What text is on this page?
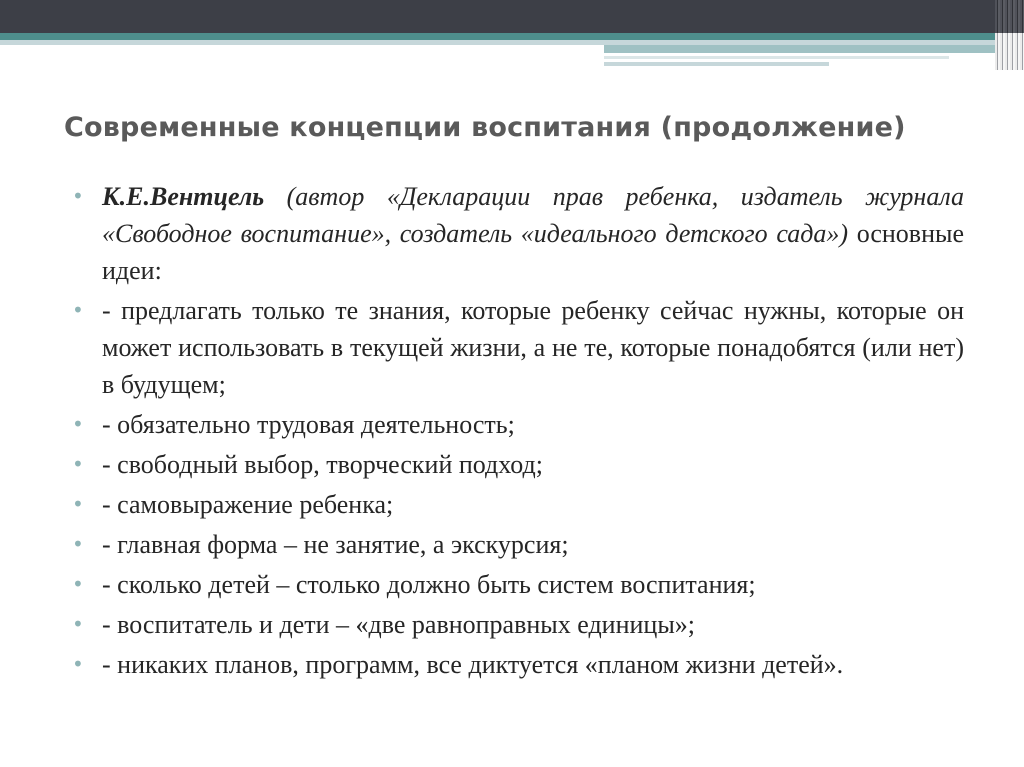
Современные концепции воспитания (продолжение)
• К.Е.Вентцель (автор «Декларации прав ребенка, издатель журнала «Свободное воспитание», создатель «идеального детского сада») основные идеи:
• - предлагать только те знания, которые ребенку сейчас нужны, которые он может использовать в текущей жизни, а не те, которые понадобятся (или нет) в будущем;
• - обязательно трудовая деятельность;
• - свободный выбор, творческий подход;
• - самовыражение ребенка;
• - главная форма – не занятие, а экскурсия;
• - сколько детей – столько должно быть систем воспитания;
• - воспитатель и дети – «две равноправных единицы»;
• - никаких планов, программ, все диктуется «планом жизни детей».
